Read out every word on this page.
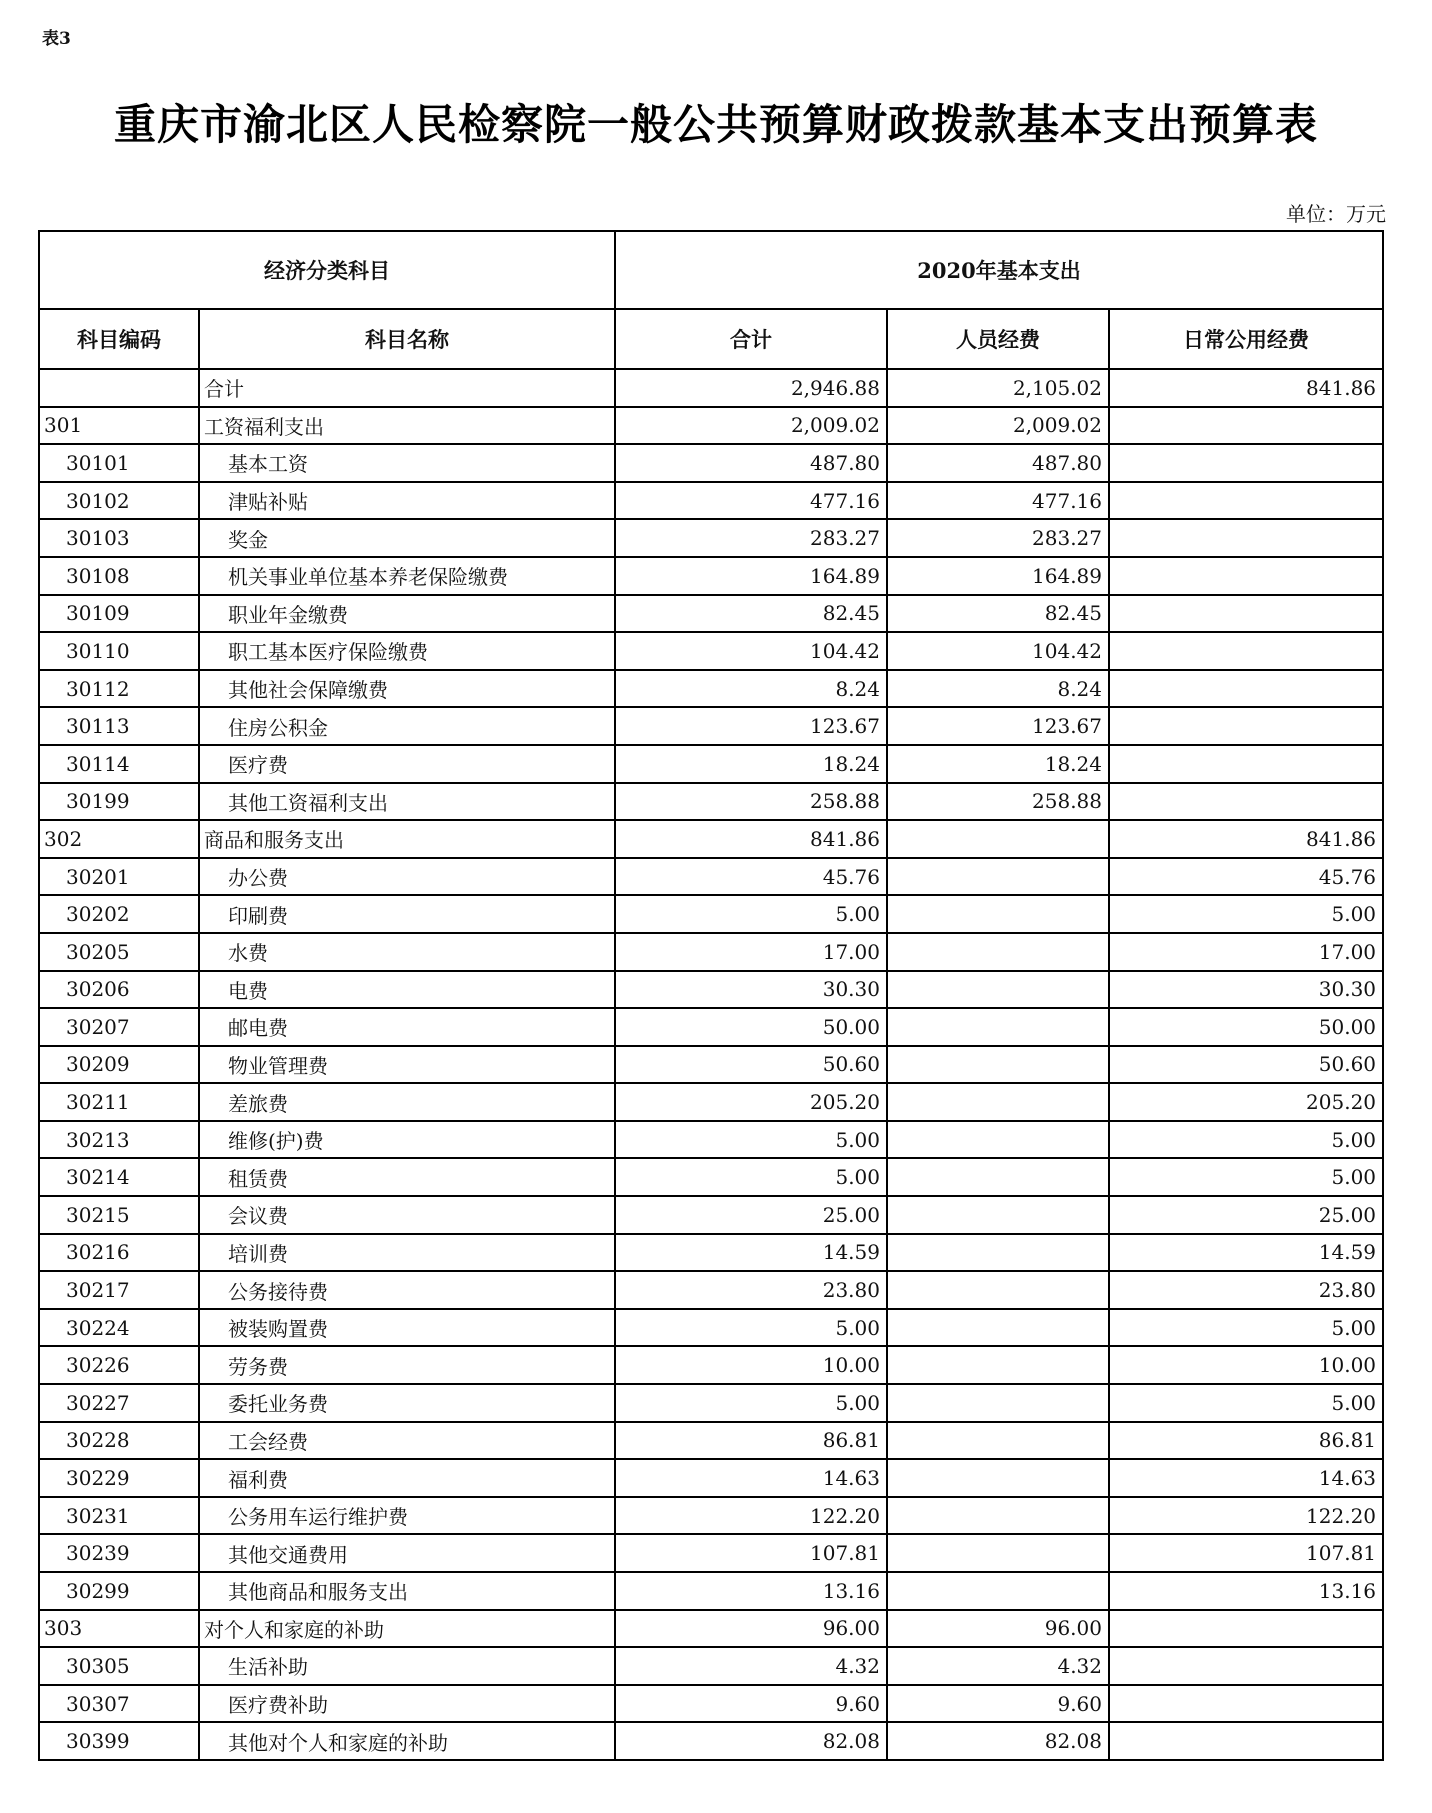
表3
重庆市渝北区人民检察院一般公共预算财政拨款基本支出预算表
单位：万元
经济分类科目		2020年基本支出		
科目编码	科目名称	合计	人员经费	日常公用经费
	合计	2,946.88	2,105.02	841.86
301	工资福利支出	2,009.02	2,009.02	
30101	基本工资	487.80	487.80	
30102	津贴补贴	477.16	477.16	
30103	奖金	283.27	283.27	
30108	机关事业单位基本养老保险缴费	164.89	164.89	
30109	职业年金缴费	82.45	82.45	
30110	职工基本医疗保险缴费	104.42	104.42	
30112	其他社会保障缴费	8.24	8.24	
30113	住房公积金	123.67	123.67	
30114	医疗费	18.24	18.24	
30199	其他工资福利支出	258.88	258.88	
302	商品和服务支出	841.86		841.86
30201	办公费	45.76		45.76
30202	印刷费	5.00		5.00
30205	水费	17.00		17.00
30206	电费	30.30		30.30
30207	邮电费	50.00		50.00
30209	物业管理费	50.60		50.60
30211	差旅费	205.20		205.20
30213	维修(护)费	5.00		5.00
30214	租赁费	5.00		5.00
30215	会议费	25.00		25.00
30216	培训费	14.59		14.59
30217	公务接待费	23.80		23.80
30224	被装购置费	5.00		5.00
30226	劳务费	10.00		10.00
30227	委托业务费	5.00		5.00
30228	工会经费	86.81		86.81
30229	福利费	14.63		14.63
30231	公务用车运行维护费	122.20		122.20
30239	其他交通费用	107.81		107.81
30299	其他商品和服务支出	13.16		13.16
303	对个人和家庭的补助	96.00	96.00	
30305	生活补助	4.32	4.32	
30307	医疗费补助	9.60	9.60	
30399	其他对个人和家庭的补助	82.08	82.08	
